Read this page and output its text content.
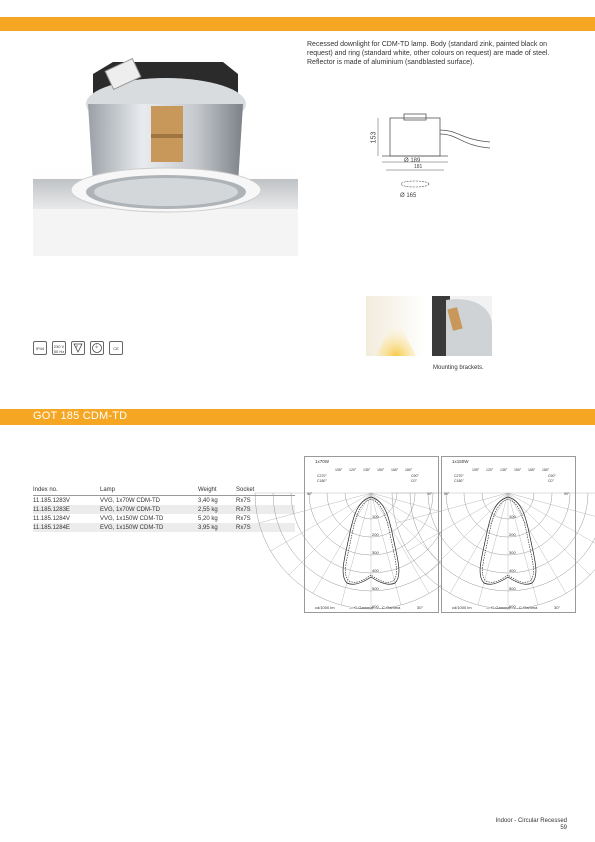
Recessed downlight for CDM-TD lamp. Body (standard zink, painted black on request) and ring (standard white, other colours on request) are made of steel. Reflector is made of aluminium (sandblasted surface).
153
Ø 189
181
Ø 165
IP44	230 V 50 Hz
F	⏚	CE
Mounting brackets.
GOT 185 CDM-TD
Index no.	Lamp	Weight	Socket
11.185.1283V	VVG, 1x70W CDM-TD	3,40 kg	Rx7S
11.185.1283E	EVG, 1x70W CDM-TD	2,55 kg	Rx7S
11.185.1284V	VVG, 1x150W CDM-TD	5,20 kg	Rx7S
11.185.1284E	EVG, 1x150W CDM-TD	3,95 kg	Rx7S
1x70W
100
200
300
400
500
600
105° 120° 135° 150° 165° 180°
90°	90°
C270°
C180°
C90°
C0°
cd/1000 lm	— C-Gamma - - C-Gamma	30°
1x150W
100
200
300
400
500
600
105° 120° 135° 150° 165° 180°
90°	90°
C270°
C180°
C90°
C0°
cd/1000 lm	— C-Gamma - - C-Gamma	30°
Indoor - Circular Recessed
59
